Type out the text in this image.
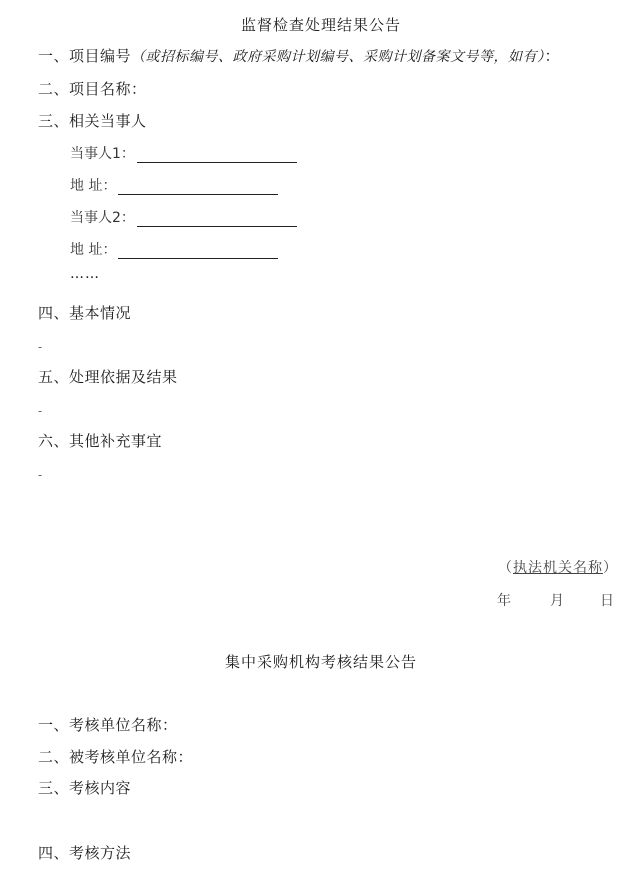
监督检查处理结果公告
一、项目编号（或招标编号、政府采购计划编号、采购计划备案文号等，如有）：
二、项目名称：
三、相关当事人
当事人1：
地 址：
当事人2：
地 址：
……
四、基本情况
-
五、处理依据及结果
-
六、其他补充事宜
-
（执法机关名称）
年	月	日
集中采购机构考核结果公告
一、考核单位名称：
二、被考核单位名称：
三、考核内容
四、考核方法
